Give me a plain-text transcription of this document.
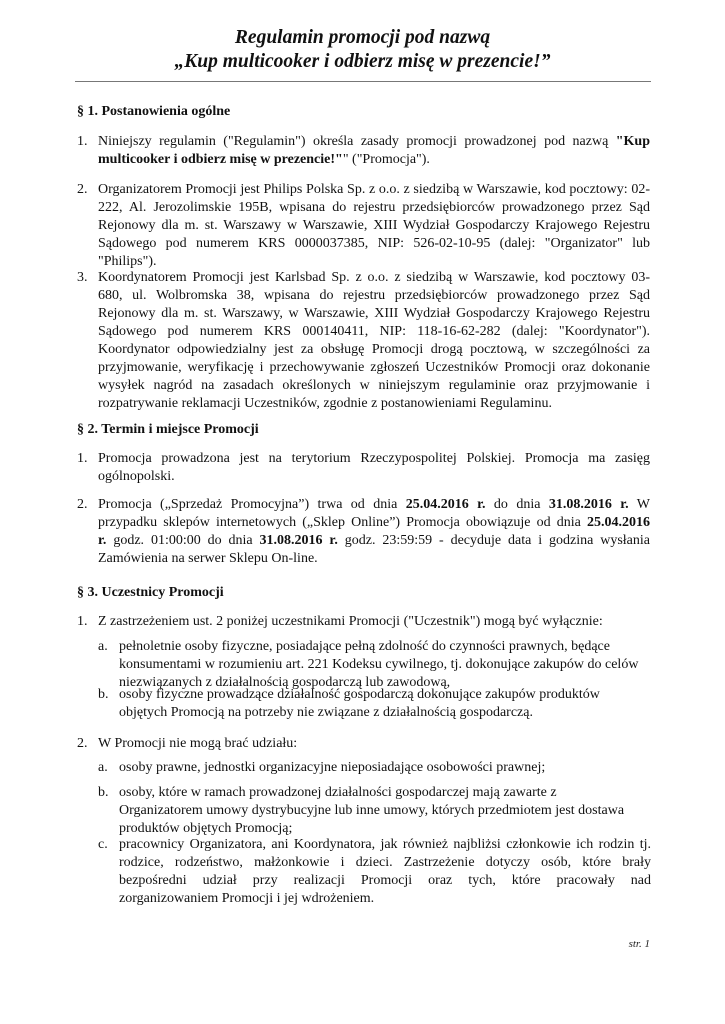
Regulamin promocji pod nazwą
„Kup multicooker i odbierz misę w prezencie!”
§ 1. Postanowienia ogólne
1. Niniejszy regulamin ("Regulamin") określa zasady promocji prowadzonej pod nazwą "Kup
multicooker i odbierz misę w prezencie!"" ("Promocja").
2. Organizatorem Promocji jest Philips Polska Sp. z o.o. z siedzibą w Warszawie, kod pocztowy: 02-
222, Al. Jerozolimskie 195B, wpisana do rejestru przedsiębiorców prowadzonego przez Sąd
Rejonowy dla m. st. Warszawy w Warszawie, XIII Wydział Gospodarczy Krajowego Rejestru
Sądowego pod numerem KRS 0000037385, NIP: 526-02-10-95 (dalej: "Organizator" lub
"Philips").
3. Koordynatorem Promocji jest Karlsbad Sp. z o.o. z siedzibą w Warszawie, kod pocztowy 03-
680, ul. Wolbromska 38, wpisana do rejestru przedsiębiorców prowadzonego przez Sąd
Rejonowy dla m. st. Warszawy, w Warszawie, XIII Wydział Gospodarczy Krajowego Rejestru
Sądowego pod numerem KRS 000140411, NIP: 118-16-62-282 (dalej: "Koordynator").
Koordynator odpowiedzialny jest za obsługę Promocji drogą pocztową, w szczególności za
przyjmowanie, weryfikację i przechowywanie zgłoszeń Uczestników Promocji oraz dokonanie
wysyłek nagród na zasadach określonych w niniejszym regulaminie oraz przyjmowanie i
rozpatrywanie reklamacji Uczestników, zgodnie z postanowieniami Regulaminu.
§ 2. Termin i miejsce Promocji
1. Promocja prowadzona jest na terytorium Rzeczypospolitej Polskiej. Promocja ma zasięg
ogólnopolski.
2. Promocja („Sprzedaż Promocyjna”) trwa od dnia 25.04.2016 r. do dnia 31.08.2016 r. W
przypadku sklepów internetowych („Sklep Online”) Promocja obowiązuje od dnia 25.04.2016
r. godz. 01:00:00 do dnia 31.08.2016 r. godz. 23:59:59 - decyduje data i godzina wysłania
Zamówienia na serwer Sklepu On-line.
§ 3. Uczestnicy Promocji
1. Z zastrzeżeniem ust. 2 poniżej uczestnikami Promocji ("Uczestnik") mogą być wyłącznie:
a. pełnoletnie osoby fizyczne, posiadające pełną zdolność do czynności prawnych, będące
konsumentami w rozumieniu art. 221 Kodeksu cywilnego, tj. dokonujące zakupów do celów
niezwiązanych z działalnością gospodarczą lub zawodową,
b. osoby fizyczne prowadzące działalność gospodarczą dokonujące zakupów produktów
objętych Promocją na potrzeby nie związane z działalnością gospodarczą.
2. W Promocji nie mogą brać udziału:
a. osoby prawne, jednostki organizacyjne nieposiadające osobowości prawnej;
b. osoby, które w ramach prowadzonej działalności gospodarczej mają zawarte z
Organizatorem umowy dystrybucyjne lub inne umowy, których przedmiotem jest dostawa
produktów objętych Promocją;
c. pracownicy Organizatora, ani Koordynatora, jak również najbliżsi członkowie ich rodzin tj.
rodzice, rodzeństwo, małżonkowie i dzieci. Zastrzeżenie dotyczy osób, które brały
bezpośredni udział przy realizacji Promocji oraz tych, które pracowały nad
zorganizowaniem Promocji i jej wdrożeniem.
str. 1
